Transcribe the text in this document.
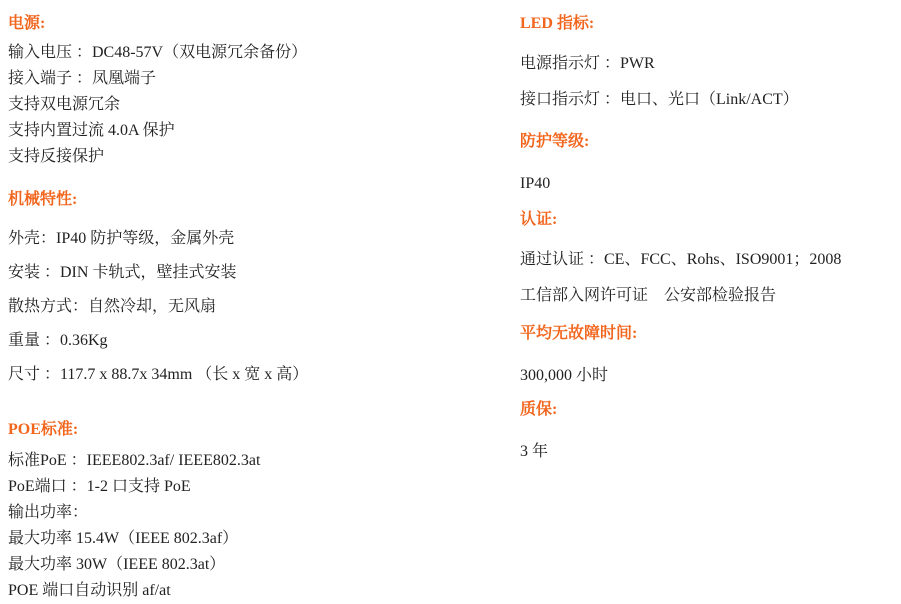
电源:
输入电压 ：DC48-57V（双电源冗余备份）
接入端子 ：凤凰端子
支持双电源冗余
支持内置过流 4.0A 保护
支持反接保护
机械特性:
外壳：IP40 防护等级，金属外壳
安装 ：DIN 卡轨式，壁挂式安装
散热方式：自然冷却，无风扇
重量 ：0.36Kg
尺寸 ：117.7 x 88.7x 34mm （长 x 宽 x 高）
POE标准:
标准PoE ：IEEE802.3af/ IEEE802.3at
PoE端口 ：1-2 口支持 PoE
输出功率：
最大功率 15.4W（IEEE 802.3af）
最大功率 30W（IEEE 802.3at）
POE 端口自动识别 af/at
LED 指标:
电源指示灯 ：PWR
接口指示灯 ：电口、光口（Link/ACT）
防护等级:
IP40
认证:
通过认证 ：CE、FCC、Rohs、ISO9001；2008
工信部入网许可证　公安部检验报告
平均无故障时间:
300,000 小时
质保:
3 年
